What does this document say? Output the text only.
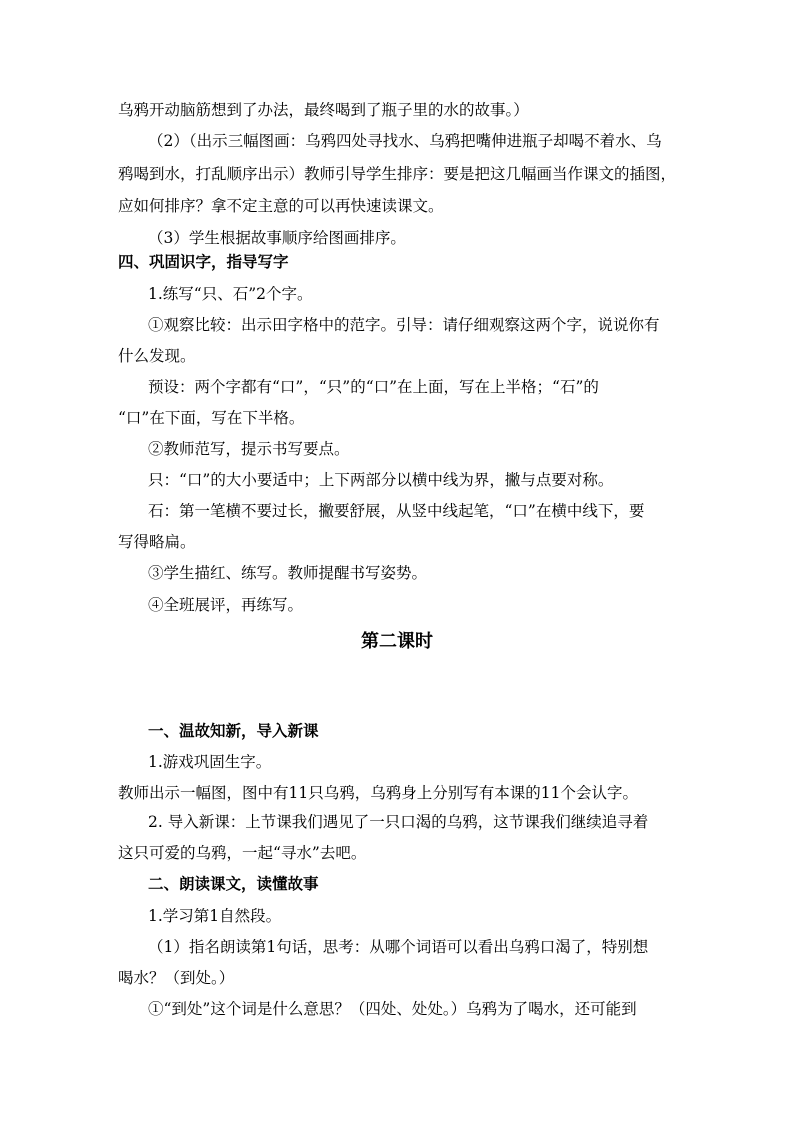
乌鸦开动脑筋想到了办法，最终喝到了瓶子里的水的故事。）
（2）（出示三幅图画：乌鸦四处寻找水、乌鸦把嘴伸进瓶子却喝不着水、乌
鸦喝到水，打乱顺序出示）教师引导学生排序：要是把这几幅画当作课文的插图，
应如何排序？拿不定主意的可以再快速读课文。
（3）学生根据故事顺序给图画排序。
四、巩固识字，指导写字
1.练写“只、石”2个字。
①观察比较：出示田字格中的范字。引导：请仔细观察这两个字，说说你有
什么发现。
预设：两个字都有“口”，“只”的“口”在上面，写在上半格；“石”的
“口”在下面，写在下半格。
②教师范写，提示书写要点。
只：“口”的大小要适中；上下两部分以横中线为界，撇与点要对称。
石：第一笔横不要过长，撇要舒展，从竖中线起笔，“口”在横中线下，要
写得略扁。
③学生描红、练写。教师提醒书写姿势。
④全班展评，再练写。
第二课时
一、温故知新，导入新课
1.游戏巩固生字。
教师出示一幅图，图中有11只乌鸦，乌鸦身上分别写有本课的11个会认字。
2. 导入新课：上节课我们遇见了一只口渴的乌鸦，这节课我们继续追寻着
这只可爱的乌鸦，一起“寻水”去吧。
二、朗读课文，读懂故事
1.学习第1自然段。
（1）指名朗读第1句话，思考：从哪个词语可以看出乌鸦口渴了，特别想
喝水？（到处。）
①“到处”这个词是什么意思？（四处、处处。）乌鸦为了喝水，还可能到
